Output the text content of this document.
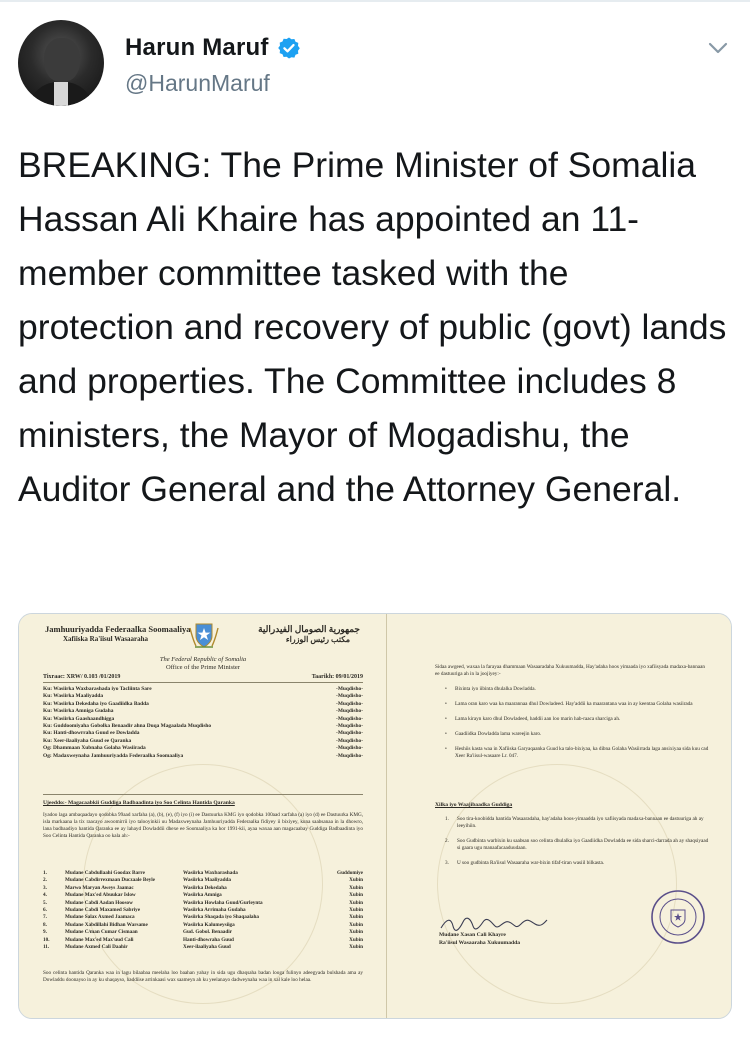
Harun Maruf
@HarunMaruf
BREAKING: The Prime Minister of Somalia Hassan Ali Khaire has appointed an 11-member committee tasked with the protection and recovery of public (govt) lands and properties. The Committee includes 8 ministers, the Mayor of Mogadishu, the Auditor General and the Attorney General.
Jamhuuriyadda Federaalka Soomaaliya
Xafiiska Ra'iisul Wasaaraha
جمهورية الصومال الفيدرالية
مكتب رئيس الوزراء
The Federal Republic of Somalia
Office of the Prime Minister
Tixraac: XRW/ 0.103 /01/2019	Taarikh: 09/01/2019
Ku: Wasiirka Waxbarashada iyo Tacliinta Sare	-Muqdisho-
Ku: Wasiirka Maaliyadda	-Muqdisho-
Ku: Wasiirka Dekedaha iyo Gaadiidka Badda	-Muqdisho-
Ku: Wasiirka Amniga Gudaha	-Muqdisho-
Ku: Wasiirka Gaashaandhigga	-Muqdisho-
Ku: Guddoomiyaha Gobolka Benaadir ahna Duqa Magaalada Muqdisho	-Muqdisho-
Ku: Hanti-dhowrraha Guud ee Dowladda	-Muqdisho-
Ku: Xeer-ilaaliyaha Guud ee Qaranka	-Muqdisho-
Og: Dhammaan Xubnaha Golaha Wasiirada	-Muqdisho-
Og: Madaxweynaha Jamhuuriyadda Federaalka Soomaaliya	-Muqdisho-
Ujeeddo:- Magacaabkii Guddiga Badbaadinta iyo Soo Celinta Hantida Qaranka
Iyadoo laga ambaqaadayo qodobka 99aad xarfaha (a), (b), (e), (f) iyo (i) ee Dastuurka KMG iyo qodobka 100aad xarfaha (a) iyo (d) ee Dastuurka KMG, isla markaana la tix raacayo awoomirrii iyo talooyinkii uu Madaxweynaha Jamhuuriyadda Federaalka fidiyey ii bixiyey, kuna saabsanaa in la dhowro, lana badbaadiyo hantida Qaranka ee ay lahayd Dowladdii dhexe ee Soomaaliya ka hor 1991-kii, ayaa waxaa aan magacaabay Guddiga Badbaadinta iyo Soo Celinta Hantida Qaranka oo kala ah:-
1.	Mudane Cabdullaahi Goodax Barre	Wasiirka Waxbarashada	Guddomiye
2.	Mudane Cabdirrexmaan Duczaale Beyle	Wasiirka Maaliyadda	Xubin
3.	Marwo Maryan Aweys Jaamac	Wasiirka Dekedaha	Xubin
4.	Mudane Max'ed Abuukar Islow	Wasiirka Amniga	Xubin
5.	Mudane Cabdi Aadan Hoosow	Wasiirka Howlaha Guud/Gurleynta	Xubin
6.	Mudane Cabdi Maxamed Sabriye	Wasiirka Arrimaha Gudaha	Xubin
7.	Mudane Salax Axmed Jaamaca	Wasiirka Shaqada iyo Shaqaalaha	Xubin
8.	Mudane Xabdillahi Bidhan Warsame	Wasiirka Kalumeysiiga	Xubin
9.	Mudane C/man Cumar Cismaan	Gud. Gobol. Benaadir	Xubin
10.	Mudane Max'ed Max'uud Cali	Hanti-dhowraha Guud	Xubin
11.	Mudane Axmed Cali Daahir	Xeer-ilaaliyaha Guud	Xubin
Soo celinta hantida Qaranka waa in lagu bilaabaa meelaha loo baahan yahay in sida ugu dhaqsaha badan looga fulinyo adeegyada bulshada ama ay Dowladdu doonayso in ay ku shaqayso, haddiise arrinkaasi wax saameyn ah ku yeelanayo dadweynaha waa in xal kale loo helaa.
Sidaa awgeed, waxaa la farayaa dhammaan Wasaaradaha Xukuumadda, Hay'adaha hoos yimaada iyo xafiisyada madaxa-bannaan ee dastuuriga ah in la joojiyey:-
• Bixinta iyo iibinta dhulalka Dowladda.
• Lama oran karo waa ka maarannaa dhul Dowladeed. Hay'addii ka maarantana waa in ay keentaa Golaha wasiirada
• Lama kirayn karo dhul Dowladeed, haddii aan loo marin hab-raaca sharciga ah.
• Gaadiidka Dowladda lama wareejin karo.
• Heshiis kasta waa in Xafiiska Garyaqaanka Guud ka talo-bixiyaa, ka dibna Golaha Wasiirrada laga ansixiyaa sida kuu cad Xeer Ra'iisul-wasaare Lr. 047.
Xilka iyo Waajibaadka Guddiga
1.	Soo tira-koobidda hantida Wasaaradaha, hay'adaha hoos-yimaadda iyo xafiisyada madaxa-bannaan ee dastuuriga ah ay leeyihiin.
2.	Soo Gudbinta warbixin ku saabsan soo celinta dhulalka iyo Gaadiidka Dowladda ee sida sharci-darrada ah ay shaqsiyaad si gaara ugu manaafacaaduudaan.
3.	U soo gudbinta Ra'iisul Wasaaraha war-bixin tifaf-tiran wasiil bilkasta.
Mudane Xasan Cali Khayre
Ra'iisul Wasaaraha Xukuumadda
